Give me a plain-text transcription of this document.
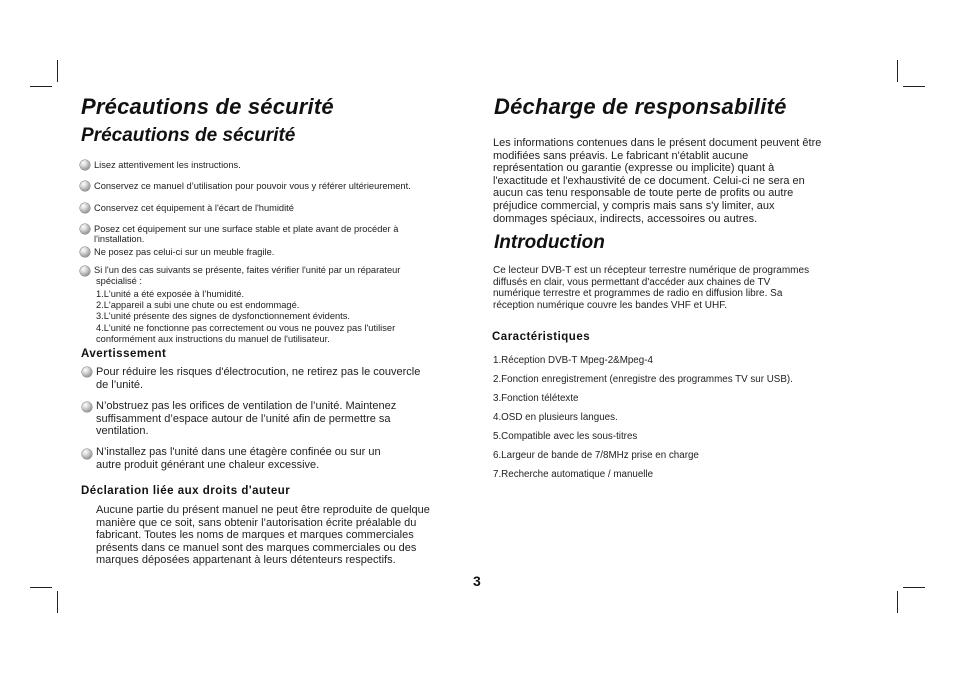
Précautions de sécurité
Précautions de sécurité
Lisez attentivement les instructions.
Conservez ce manuel d’utilisation pour pouvoir vous y référer ultérieurement.
Conservez cet équipement à l'écart de l'humidité
Posez cet équipement sur une surface stable et plate avant de procéder à
l'installation.
Ne posez pas celui-ci sur un meuble fragile.
Si l'un des cas suivants se présente, faites vérifier l'unité par un réparateur
spécialisé :
1.L'unité a été exposée à l’humidité.
2.L'appareil a subi une chute ou est endommagé.
3.L'unité présente des signes de dysfonctionnement évidents.
4.L'unité ne fonctionne pas correctement ou vous ne pouvez pas l'utiliser
conformément aux instructions du manuel de l'utilisateur.
Avertissement
Pour réduire les risques d'électrocution, ne retirez pas le couvercle
de l’unité.
N’obstruez pas les orifices de ventilation de l’unité. Maintenez
suffisamment d’espace autour de l’unité afin de permettre sa
ventilation.
N’installez pas l'unité dans une étagère confinée ou sur un
autre produit générant une chaleur excessive.
Déclaration liée aux droits d'auteur
Aucune partie du présent manuel ne peut être reproduite de quelque
manière que ce soit, sans obtenir l’autorisation écrite préalable du
fabricant. Toutes les noms de marques et marques commerciales
présents dans ce manuel sont des marques commerciales ou des
marques déposées appartenant à leurs détenteurs respectifs.
Décharge de responsabilité
Les informations contenues dans le présent document peuvent être
modifiées sans préavis. Le fabricant n'établit aucune
représentation ou garantie (expresse ou implicite) quant à
l'exactitude et l'exhaustivité de ce document. Celui-ci ne sera en
aucun cas tenu responsable de toute perte de profits ou autre
préjudice commercial, y compris mais sans s'y limiter, aux
dommages spéciaux, indirects, accessoires ou autres.
Introduction
Ce lecteur DVB-T est un récepteur terrestre numérique de programmes
diffusés en clair, vous permettant d'accéder aux chaines de TV
numérique terrestre et programmes de radio en diffusion libre. Sa
réception numérique couvre les bandes VHF et UHF.
Caractéristiques
1.Réception DVB-T Mpeg-2&Mpeg-4
2.Fonction enregistrement (enregistre des programmes TV sur USB).
3.Fonction télétexte
4.OSD en plusieurs langues.
5.Compatible avec les sous-titres
6.Largeur de bande de 7/8MHz prise en charge
7.Recherche automatique / manuelle
3
